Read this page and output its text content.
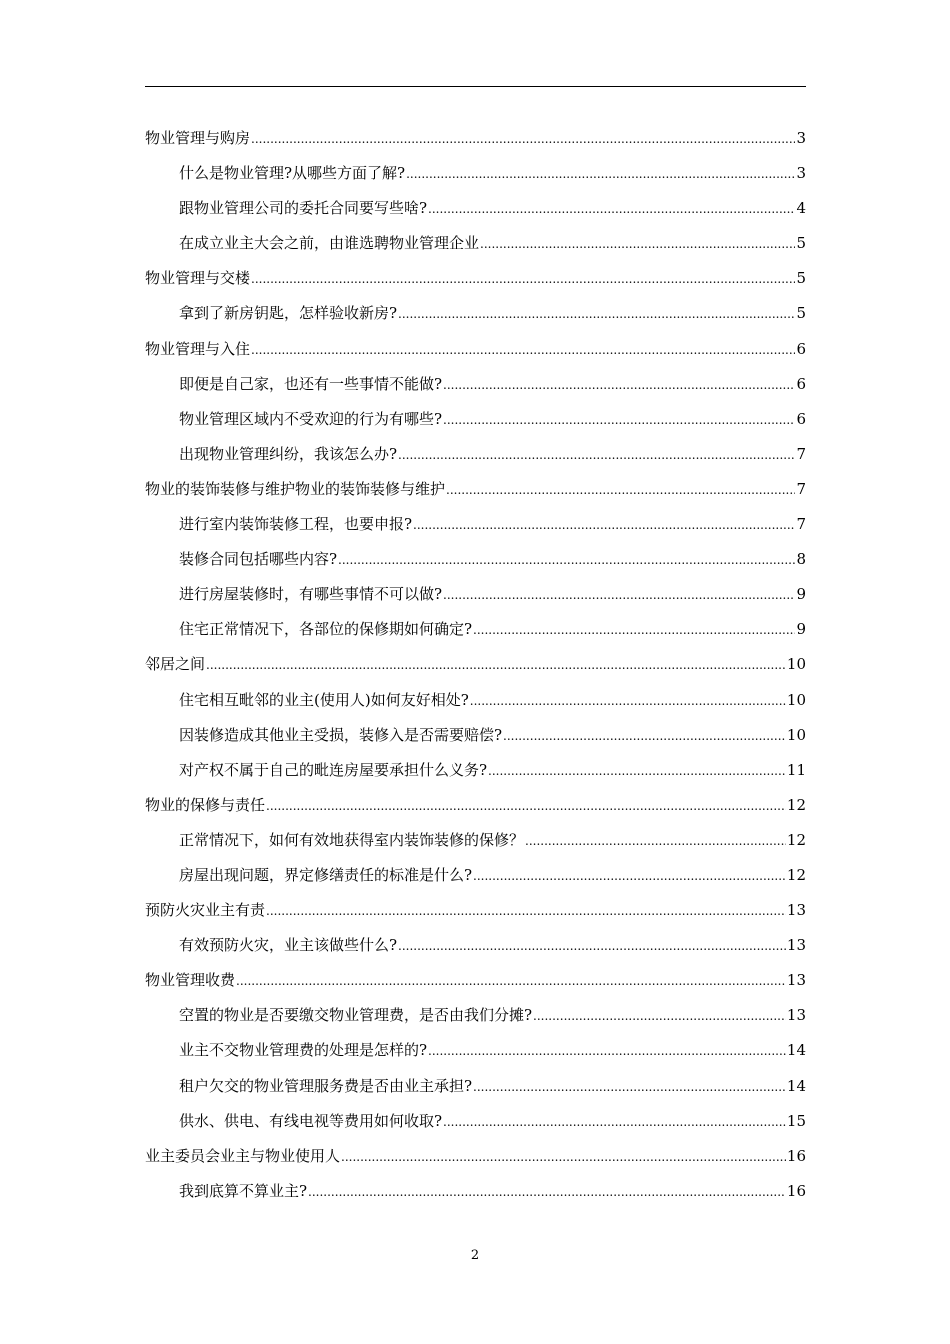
物业管理与购房 .....	3
什么是物业管理?从哪些方面了解? .....	3
跟物业管理公司的委托合同要写些啥? .....	4
在成立业主大会之前，由谁选聘物业管理企业 .....	5
物业管理与交楼 .....	5
拿到了新房钥匙，怎样验收新房? .....	5
物业管理与入住 .....	6
即便是自己家，也还有一些事情不能做? .....	6
物业管理区域内不受欢迎的行为有哪些? .....	6
出现物业管理纠纷，我该怎么办? .....	7
物业的装饰装修与维护物业的装饰装修与维护 .....	7
进行室内装饰装修工程，也要申报? .....	7
装修合同包括哪些内容? .....	8
进行房屋装修时，有哪些事情不可以做? .....	9
住宅正常情况下，各部位的保修期如何确定? .....	9
邻居之间 .....	10
住宅相互毗邻的业主(使用人)如何友好相处? .....	10
因装修造成其他业主受损，装修入是否需要赔偿? .....	10
对产权不属于自己的毗连房屋要承担什么义务? .....	11
物业的保修与责任 .....	12
正常情况下，如何有效地获得室内装饰装修的保修？ .....	12
房屋出现问题，界定修缮责任的标准是什么? .....	12
预防火灾业主有责 .....	13
有效预防火灾，业主该做些什么? .....	13
物业管理收费 .....	13
空置的物业是否要缴交物业管理费，是否由我们分摊? .....	13
业主不交物业管理费的处理是怎样的? .....	14
租户欠交的物业管理服务费是否由业主承担? .....	14
供水、供电、有线电视等费用如何收取? .....	15
业主委员会业主与物业使用人 .....	16
我到底算不算业主? .....	16
2
